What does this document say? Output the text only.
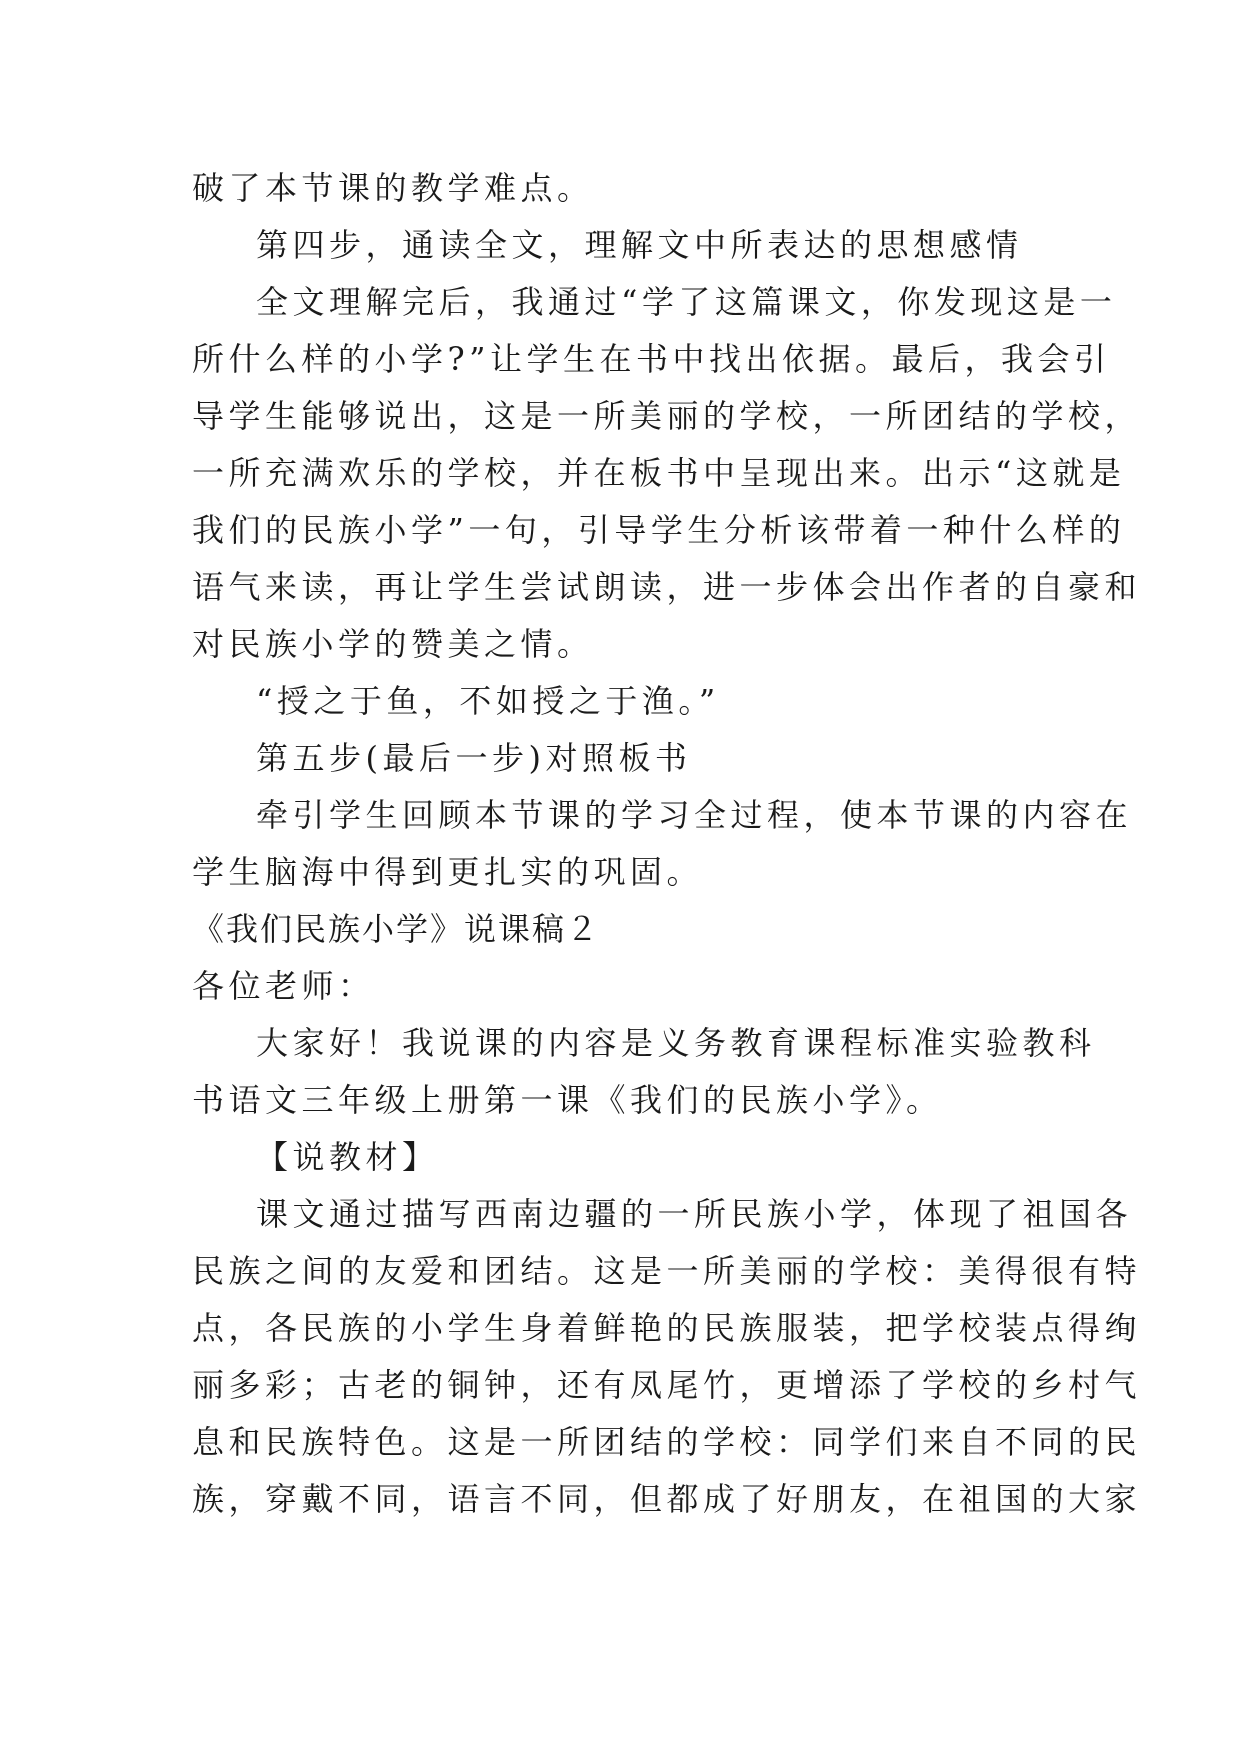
破了本节课的教学难点。
第四步，通读全文，理解文中所表达的思想感情
全文理解完后，我通过“学了这篇课文，你发现这是一
所什么样的小学?”让学生在书中找出依据。最后，我会引
导学生能够说出，这是一所美丽的学校，一所团结的学校，
一所充满欢乐的学校，并在板书中呈现出来。出示“这就是
我们的民族小学”一句，引导学生分析该带着一种什么样的
语气来读，再让学生尝试朗读，进一步体会出作者的自豪和
对民族小学的赞美之情。
“授之于鱼，不如授之于渔。”
第五步(最后一步)对照板书
牵引学生回顾本节课的学习全过程，使本节课的内容在
学生脑海中得到更扎实的巩固。
《我们民族小学》说课稿２
各位老师：
大家好！我说课的内容是义务教育课程标准实验教科
书语文三年级上册第一课《我们的民族小学》。
【说教材】
课文通过描写西南边疆的一所民族小学，体现了祖国各
民族之间的友爱和团结。这是一所美丽的学校：美得很有特
点，各民族的小学生身着鲜艳的民族服装，把学校装点得绚
丽多彩；古老的铜钟，还有凤尾竹，更增添了学校的乡村气
息和民族特色。这是一所团结的学校：同学们来自不同的民
族，穿戴不同，语言不同，但都成了好朋友，在祖国的大家
